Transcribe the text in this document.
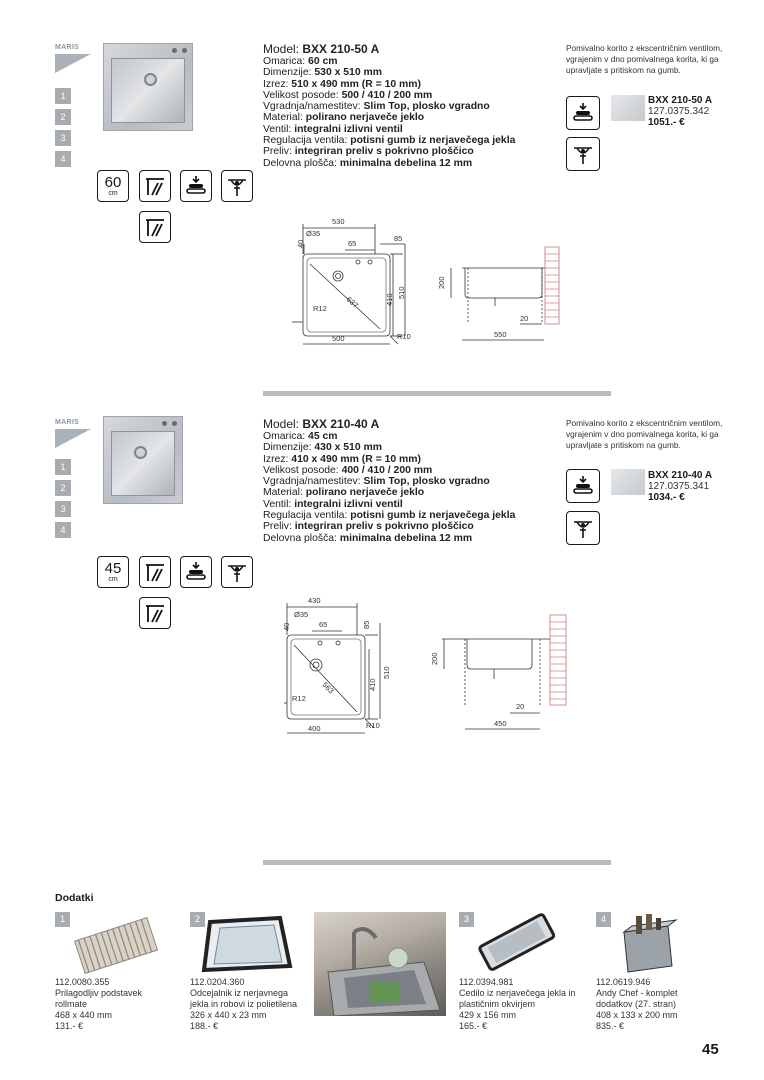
MARIS
1
2
3
4
60
cm
Model: BXX 210-50 A
Omarica: 60 cm
Dimenzije: 530 x 510 mm
Izrez: 510 x 490 mm (R = 10 mm)
Velikost posode: 500 / 410 / 200 mm
Vgradnja/namestitev: Slim Top, plosko vgradno
Material: polirano nerjaveče jeklo
Ventil: integralni izlivni ventil
Regulacija ventila: potisni gumb iz nerjavečega jekla
Preliv: integriran preliv s pokrivno ploščico
Delovna plošča: minimalna debelina 12 mm
Pomivalno korito z ekscentričnim ventilom, vgrajenim v dno pomivalnega korita, ki ga upravljate s pritiskom na gumb.
BXX 210-50 A
127.0375.342
1051.- €
530
Ø35
40	65
85
637	410
510
R12
500	R10
200
20
550
MARIS
1
2
3
4
45
cm
Model: BXX 210-40 A
Omarica: 45 cm
Dimenzije: 430 x 510 mm
Izrez: 410 x 490 mm (R = 10 mm)
Velikost posode: 400 / 410 / 200 mm
Vgradnja/namestitev: Slim Top, plosko vgradno
Material: polirano nerjaveče jeklo
Ventil: integralni izlivni ventil
Regulacija ventila: potisni gumb iz nerjavečega jekla
Preliv: integriran preliv s pokrivno ploščico
Delovna plošča: minimalna debelina 12 mm
Pomivalno korito z ekscentričnim ventilom, vgrajenim v dno pomivalnega korita, ki ga upravljate s pritiskom na gumb.
BXX 210-40 A
127.0375.341
1034.- €
430
Ø35
40	65	85
563	410
510
R12
400	R10
200
20
450
Dodatki
1	2	3	4
112.0080.355
Prilagodljiv podstavek
rollmate
468 x 440 mm
131.- €
112.0204.360
Odcejalnik iz nerjavnega
jekla in robovi iz polietilena
326 x 440 x 23 mm
188.- €
112.0394.981
Cedilo iz nerjavečega jekla in
plastičnim okvirjem
429 x 156 mm
165.- €
112.0619.946
Andy Chef - komplet
dodatkov (27. stran)
408 x 133 x 200 mm
835.- €
45
